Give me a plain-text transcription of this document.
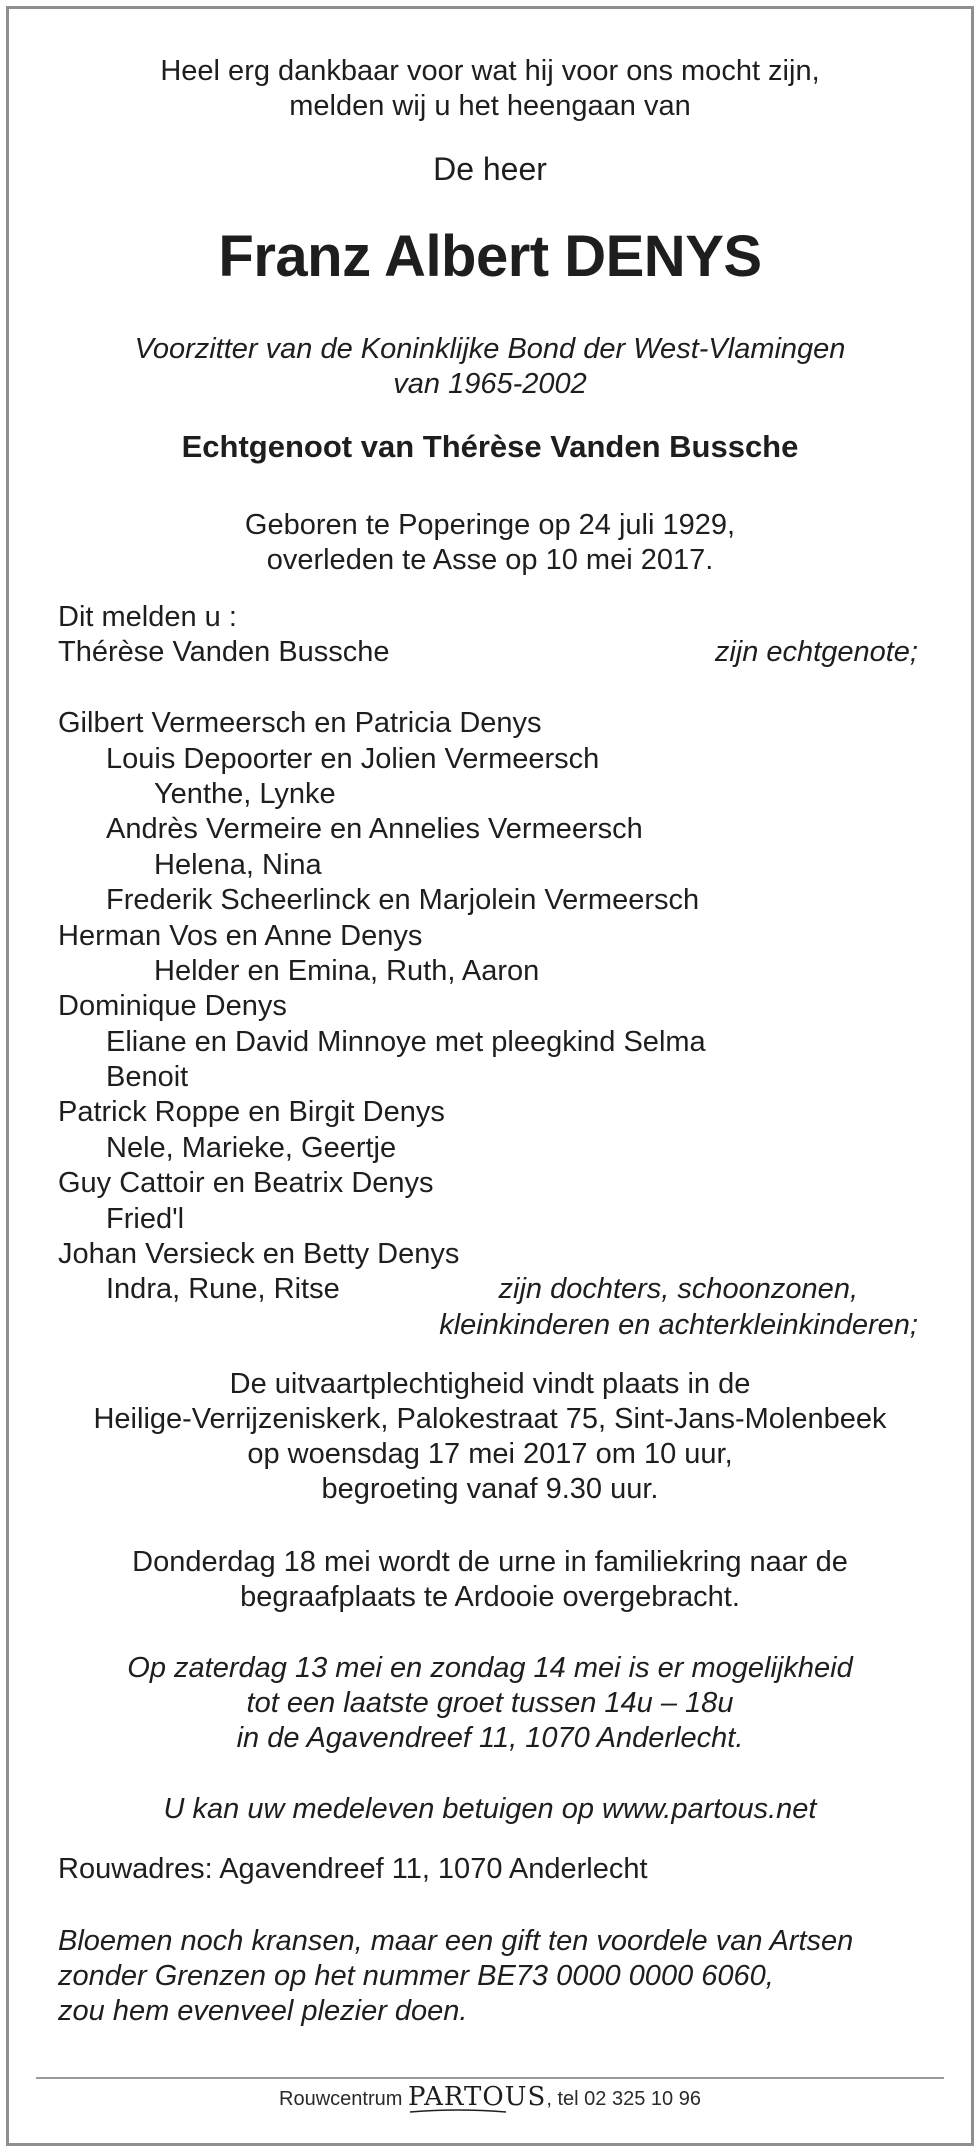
Heel erg dankbaar voor wat hij voor ons mocht zijn,
melden wij u het heengaan van
De heer
Franz Albert DENYS
Voorzitter van de Koninklijke Bond der West-Vlamingen
van 1965-2002
Echtgenoot van Thérèse Vanden Bussche
Geboren te Poperinge op 24 juli 1929,
overleden te Asse op 10 mei 2017.
Dit melden u :
Thérèse Vanden Bussche	zijn echtgenote;
Gilbert Vermeersch en Patricia Denys
Louis Depoorter en Jolien Vermeersch
Yenthe, Lynke
Andrès Vermeire en Annelies Vermeersch
Helena, Nina
Frederik Scheerlinck en Marjolein Vermeersch
Herman Vos en Anne Denys
Helder en Emina, Ruth, Aaron
Dominique Denys
Eliane en David Minnoye met pleegkind Selma
Benoit
Patrick Roppe en Birgit Denys
Nele, Marieke, Geertje
Guy Cattoir en Beatrix Denys
Fried'l
Johan Versieck en Betty Denys
Indra, Rune, Ritse	zijn dochters, schoonzonen,
kleinkinderen en achterkleinkinderen;
De uitvaartplechtigheid vindt plaats in de
Heilige-Verrijzeniskerk, Palokestraat 75, Sint-Jans-Molenbeek
op woensdag 17 mei 2017 om 10 uur,
begroeting vanaf 9.30 uur.
Donderdag 18 mei wordt de urne in familiekring naar de
begraafplaats te Ardooie overgebracht.
Op zaterdag 13 mei en zondag 14 mei is er mogelijkheid
tot een laatste groet tussen 14u – 18u
in de Agavendreef 11, 1070 Anderlecht.
U kan uw medeleven betuigen op www.partous.net
Rouwadres: Agavendreef 11, 1070 Anderlecht
Bloemen noch kransen, maar een gift ten voordele van Artsen
zonder Grenzen op het nummer BE73 0000 0000 6060,
zou hem evenveel plezier doen.
Rouwcentrum PARTOUS
, tel 02 325 10 96
